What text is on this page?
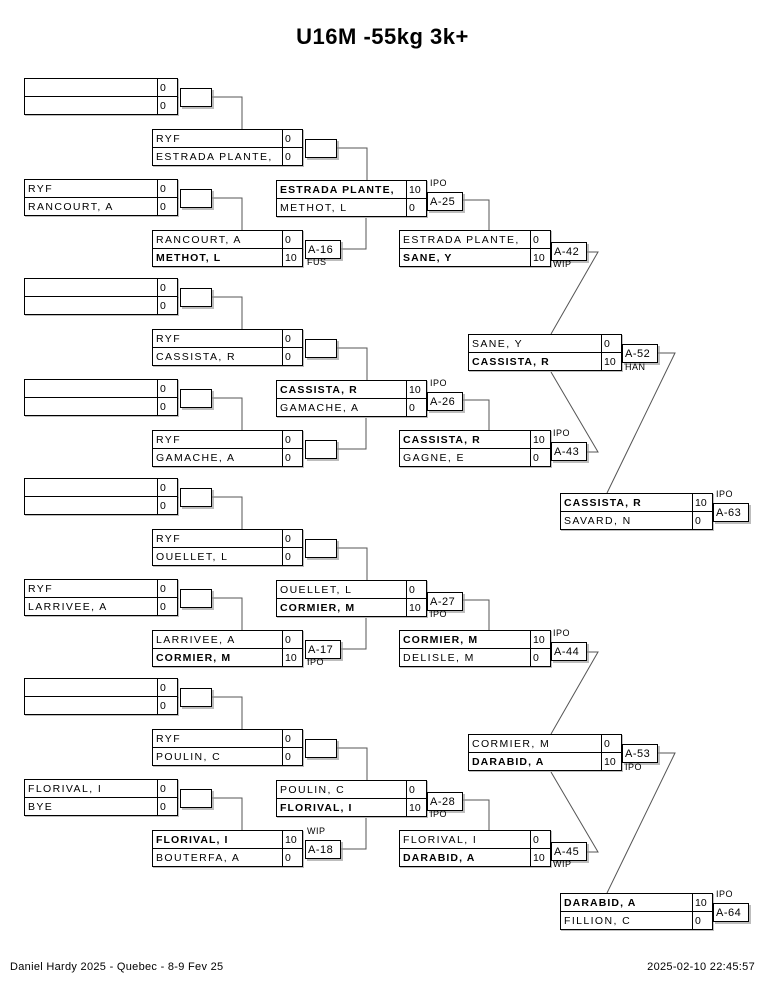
U16M -55kg 3k+
0
0
RYF	0
ESTRADA PLANTE,	0
RYF	0
RANCOURT, A	0
RANCOURT, A	0
METHOT, L	10
A-16
FUS
ESTRADA PLANTE,	10
METHOT, L	0	A-25
IPO
ESTRADA PLANTE,	0
SANE, Y	10 A-42
WIP
0
0
RYF	0
CASSISTA, R	0
0
0
RYF	0
GAMACHE, A	0
CASSISTA, R	10
GAMACHE, A	0	A-26
IPO
CASSISTA, R	10
GAGNE, E	0	A-43
IPO
0
0
RYF	0
OUELLET, L	0
RYF	0
LARRIVEE, A	0
LARRIVEE, A	0
CORMIER, M	10
A-17
IPO
OUELLET, L	0
CORMIER, M	10 A-27
IPO
CORMIER, M	10
DELISLE, M	0	A-44
IPO
0
0
RYF	0
POULIN, C	0
FLORIVAL, I	0
BYE	0
FLORIVAL, I	10
BOUTERFA, A	0
A-18
WIP
POULIN, C	0
FLORIVAL, I	10 A-28
IPO
FLORIVAL, I	0
DARABID, A	10 A-45
WIP
SANE, Y	0
CASSISTA, R	10
A-52
HAN
CORMIER, M	0
DARABID, A	10
A-53
IPO
CASSISTA, R	10
SAVARD, N	0
A-63
IPO
DARABID, A	10
FILLION, C	0
A-64
IPO
Daniel Hardy 2025 - Quebec - 8-9 Fev 25	2025-02-10 22:45:57
